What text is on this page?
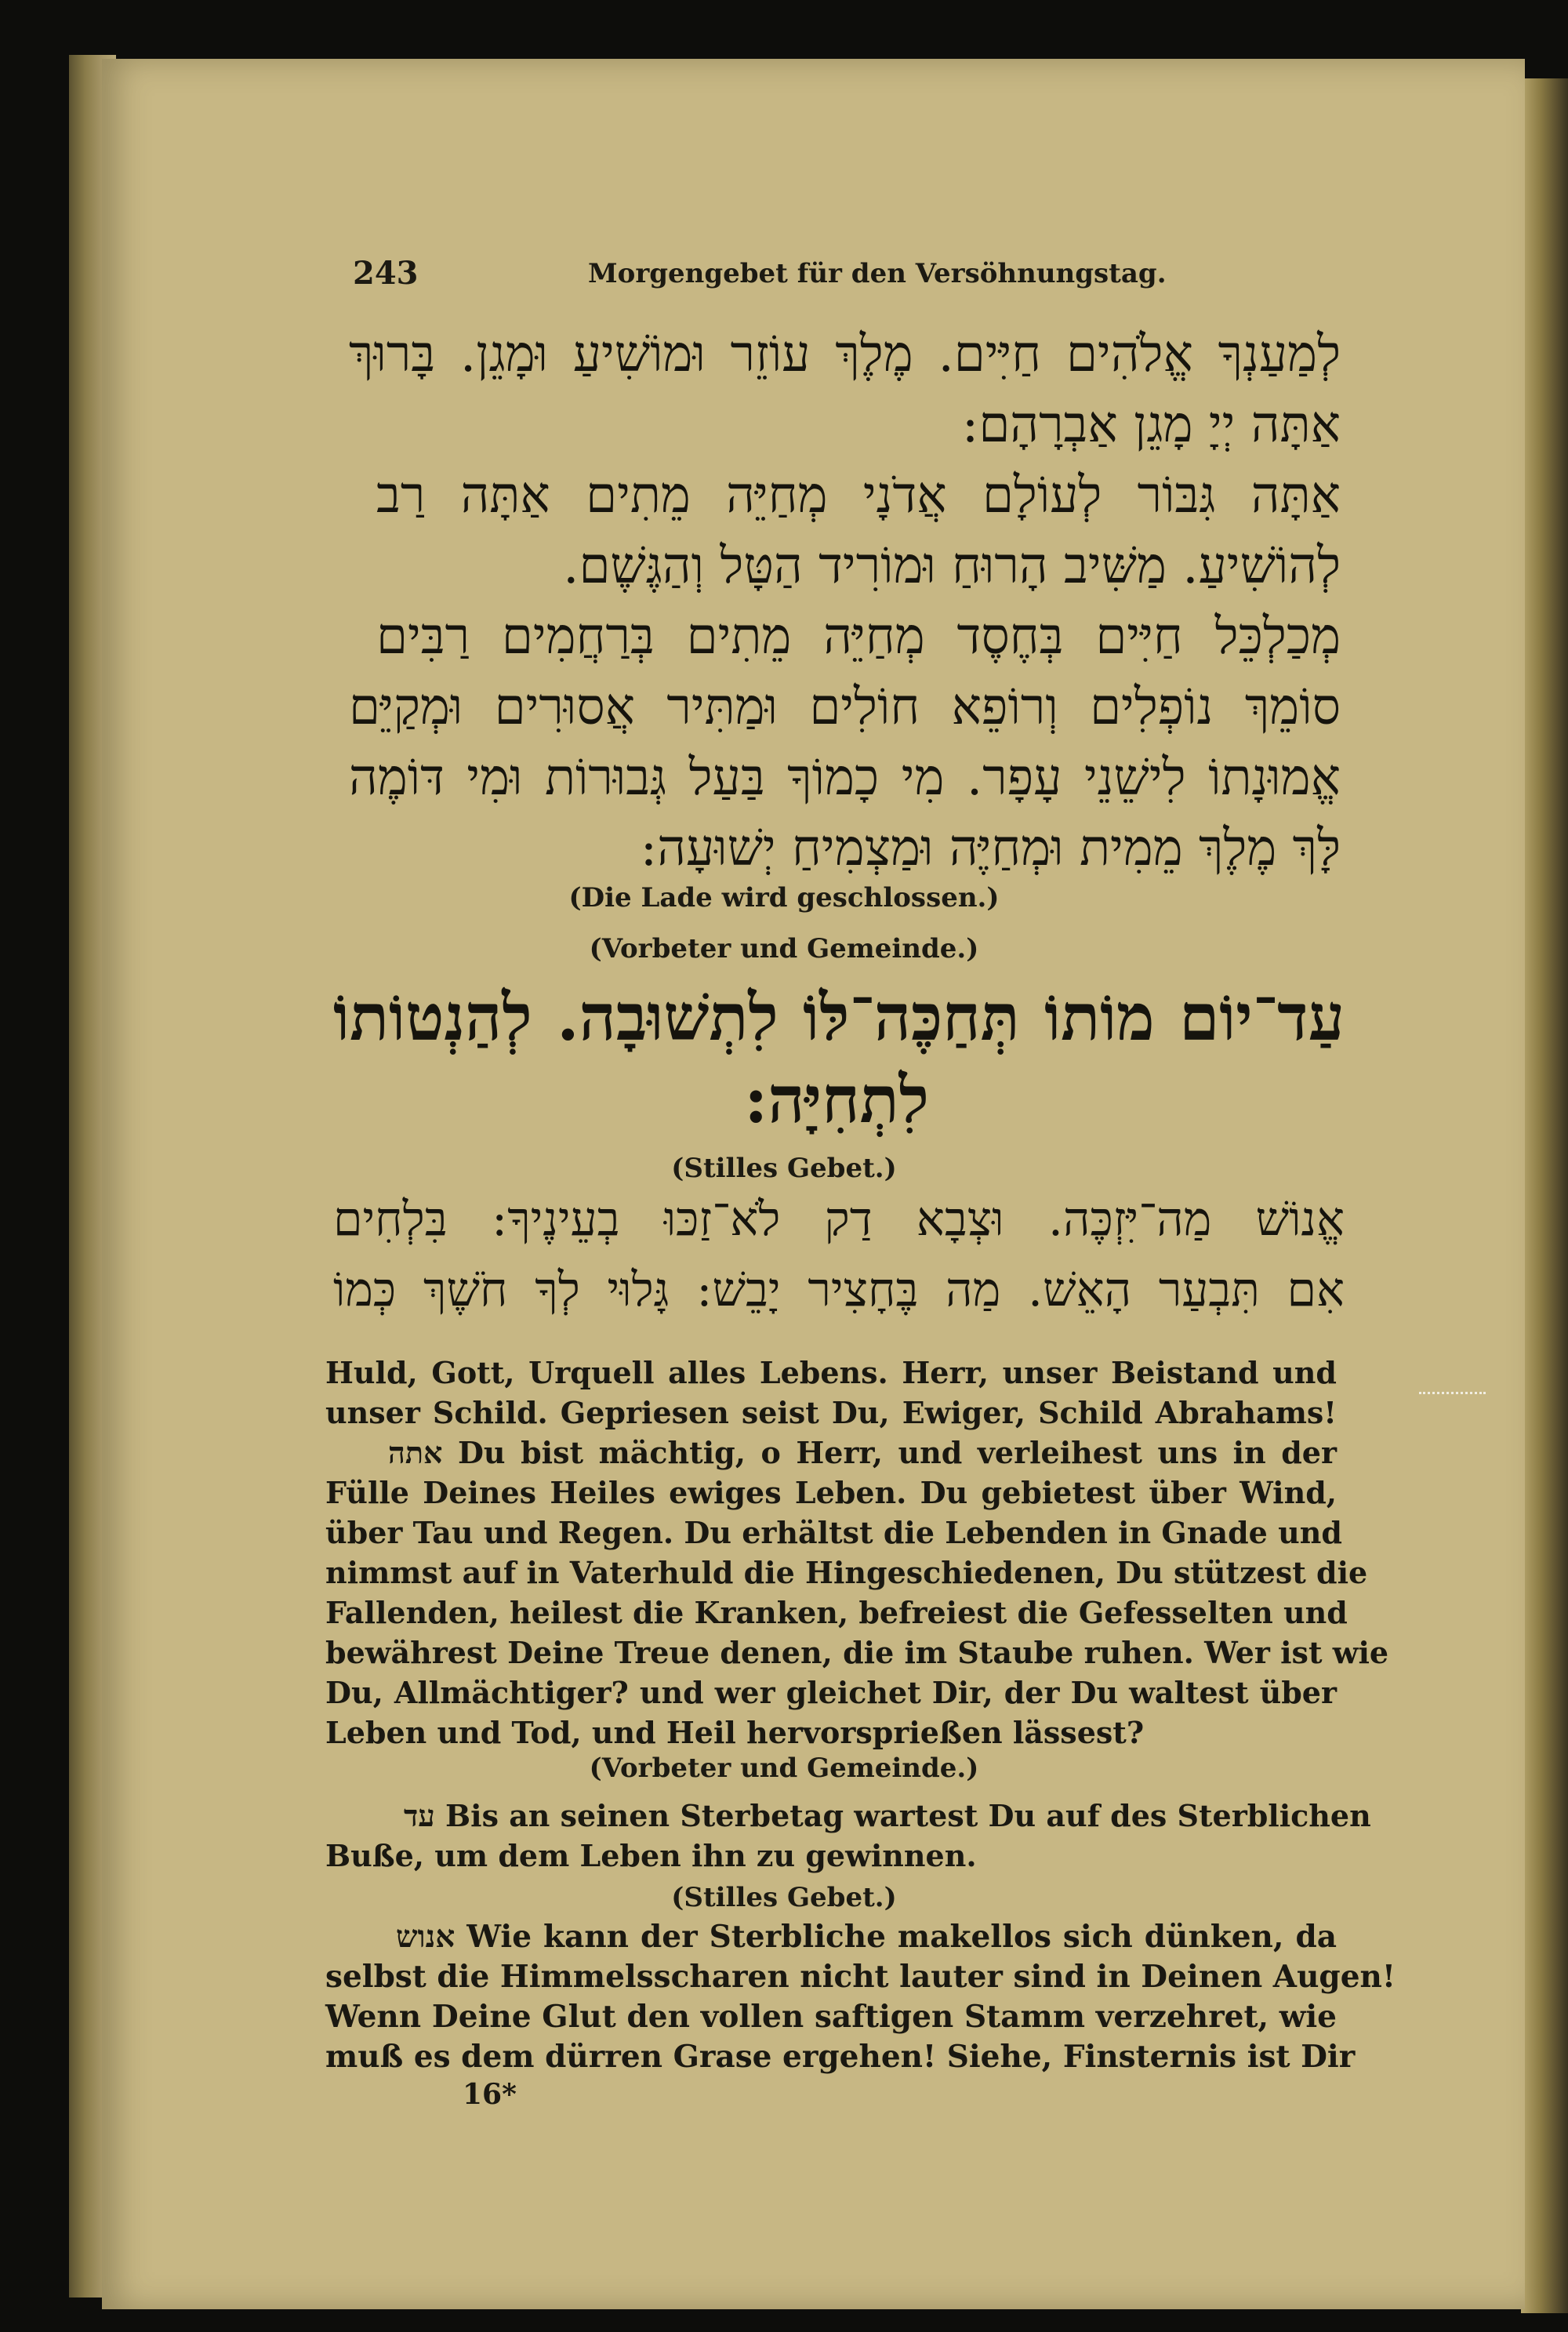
243	Morgengebet für den Versöhnungstag.
לְמַעַנְךָ אֱלֹהִים חַיִּים. מֶלֶךְ עוֹזֵר וּמוֹשִׁיעַ וּמָגֵן. בָּרוּךְ
אַתָּה יְיָ מָגֵן אַבְרָהָם:
אַתָּה גִּבּוֹר לְעוֹלָם אֲדֹנָי מְחַיֵּה מֵתִים אַתָּה רַב
לְהוֹשִׁיעַ. מַשִּׁיב הָרוּחַ וּמוֹרִיד הַטָּל וְהַגֶּשֶׁם.
מְכַלְכֵּל חַיִּים בְּחֶסֶד מְחַיֵּה מֵתִים בְּרַחֲמִים רַבִּים
סוֹמֵךְ נוֹפְלִים וְרוֹפֵא חוֹלִים וּמַתִּיר אֲסוּרִים וּמְקַיֵּם
אֱמוּנָתוֹ לִישֵׁנֵי עָפָר. מִי כָמוֹךָ בַּעַל גְּבוּרוֹת וּמִי דּוֹמֶה
לָּךְ מֶלֶךְ מֵמִית וּמְחַיֶּה וּמַצְמִיחַ יְשׁוּעָה:
(Die Lade wird geschlossen.)
(Vorbeter und Gemeinde.)
עַד־יוֹם מוֹתוֹ תְּחַכֶּה־לּוֹ לִתְשׁוּבָה. לְהַנְטוֹתוֹ
לִתְחִיָּה:
(Stilles Gebet.)
אֱנוֹשׁ מַה־יִּזְכֶּה. וּצְבָא דַק לֹא־זַכּוּ בְעֵינֶיךָ: בִּלְחִים
אִם תִּבְעַר הָאֵשׁ. מַה בֶּחָצִיר יָבֵשׁ: גָּלוּי לְךָ חֹשֶׁךְ כְּמוֹ
Huld, Gott, Urquell alles Lebens. Herr, unser Beistand und
unser Schild. Gepriesen seist Du, Ewiger, Schild Abrahams!
אתה Du bist mächtig, o Herr, und verleihest uns in der
Fülle Deines Heiles ewiges Leben. Du gebietest über Wind,
über Tau und Regen. Du erhältst die Lebenden in Gnade und
nimmst auf in Vaterhuld die Hingeschiedenen, Du stützest die
Fallenden, heilest die Kranken, befreiest die Gefesselten und
bewährest Deine Treue denen, die im Staube ruhen. Wer ist wie
Du, Allmächtiger? und wer gleichet Dir, der Du waltest über
Leben und Tod, und Heil hervorsprießen lässest?
(Vorbeter und Gemeinde.)
עד Bis an seinen Sterbetag wartest Du auf des Sterblichen
Buße, um dem Leben ihn zu gewinnen.
(Stilles Gebet.)
אנוש Wie kann der Sterbliche makellos sich dünken, da
selbst die Himmelsscharen nicht lauter sind in Deinen Augen!
Wenn Deine Glut den vollen saftigen Stamm verzehret, wie
muß es dem dürren Grase ergehen! Siehe, Finsternis ist Dir
16*
